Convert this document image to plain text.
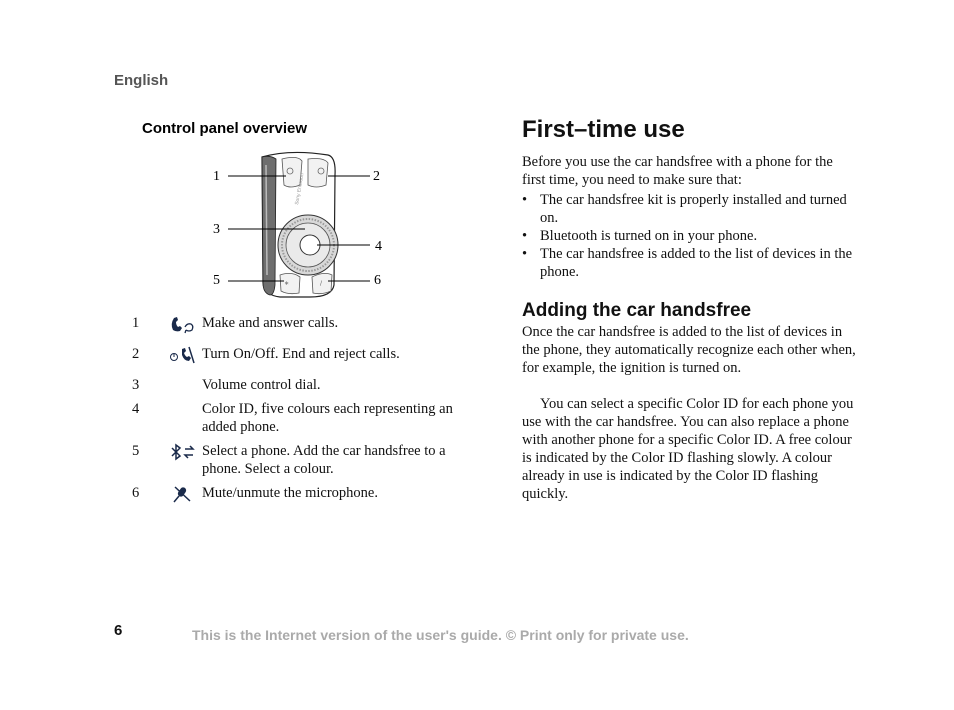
English
Control panel overview
Sony Ericsson
∗	/
1	2
3
4
5	6
1		Make and answer calls.
2		Turn On/Off. End and reject calls.
3		Volume control dial.
4		Color ID, five colours each representing an added phone.
5		Select a phone. Add the car handsfree to a phone. Select a colour.
6		Mute/unmute the microphone.
First–time use
Before you use the car handsfree with a phone for the first time, you need to make sure that:
• The car handsfree kit is properly installed and turned on.
• Bluetooth is turned on in your phone.
• The car handsfree is added to the list of devices in the phone.
Adding the car handsfree
Once the car handsfree is added to the list of devices in the phone, they automatically recognize each other when, for example, the ignition is turned on.
You can select a specific Color ID for each phone you use with the car handsfree. You can also replace a phone with another phone for a specific Color ID. A free colour is indicated by the Color ID flashing slowly. A colour already in use is indicated by the Color ID flashing quickly.
6	This is the Internet version of the user's guide. © Print only for private use.
